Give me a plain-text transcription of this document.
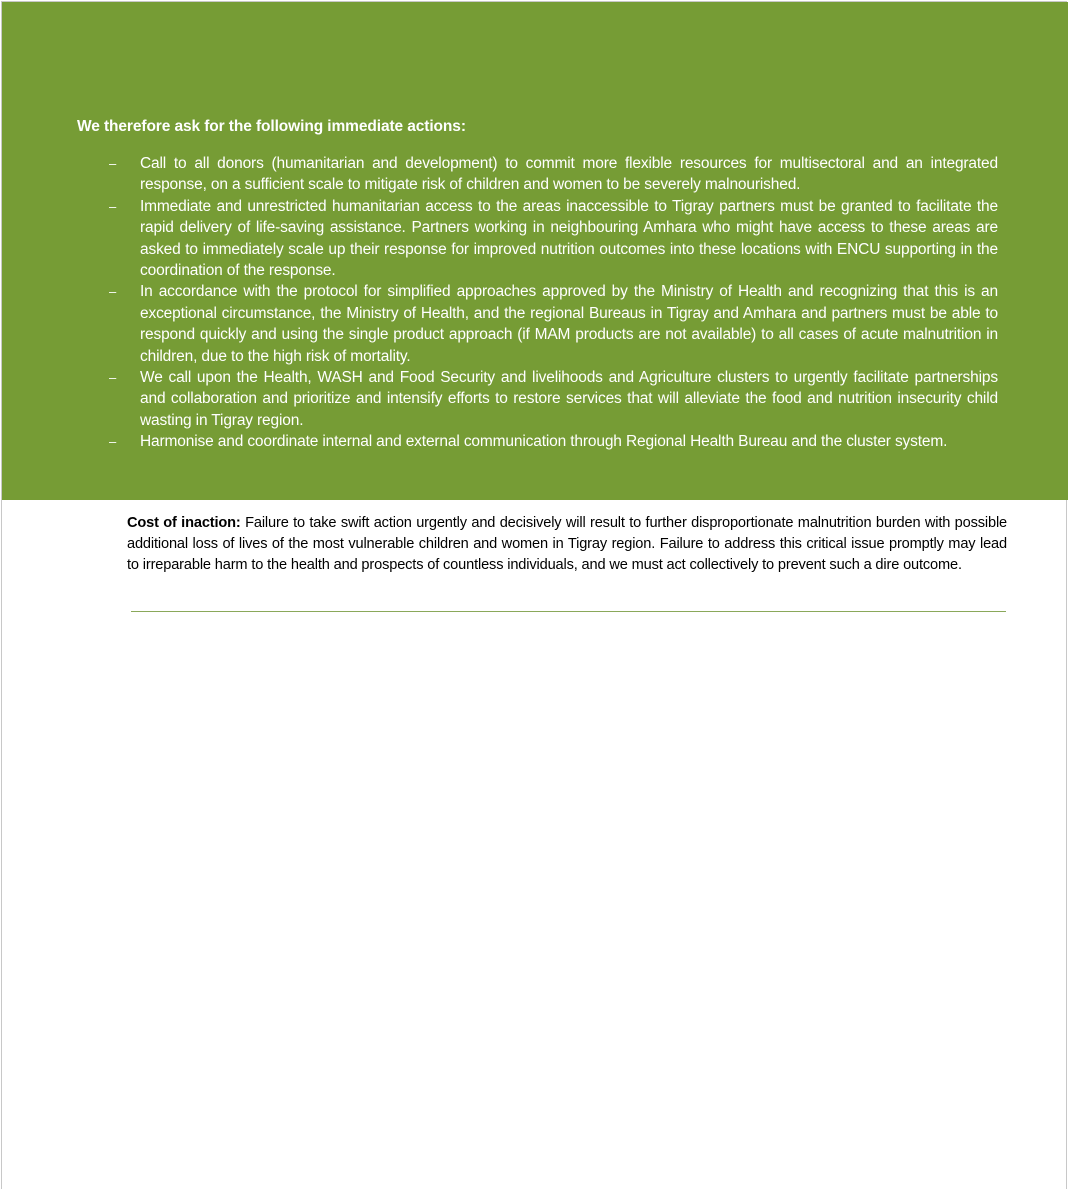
We therefore ask for the following immediate actions:

– Call to all donors (humanitarian and development) to commit more flexible resources for multisectoral and an integrated response, on a sufficient scale to mitigate risk of children and women to be severely malnourished.
– Immediate and unrestricted humanitarian access to the areas inaccessible to Tigray partners must be granted to facilitate the rapid delivery of life-saving assistance. Partners working in neighbouring Amhara who might have access to these areas are asked to immediately scale up their response for improved nutrition outcomes into these locations with ENCU supporting in the coordination of the response.
– In accordance with the protocol for simplified approaches approved by the Ministry of Health and recognizing that this is an exceptional circumstance, the Ministry of Health, and the regional Bureaus in Tigray and Amhara and partners must be able to respond quickly and using the single product approach (if MAM products are not available) to all cases of acute malnutrition in children, due to the high risk of mortality.
– We call upon the Health, WASH and Food Security and livelihoods and Agriculture clusters to urgently facilitate partnerships and collaboration and prioritize and intensify efforts to restore services that will alleviate the food and nutrition insecurity child wasting in Tigray region.
– Harmonise and coordinate internal and external communication through Regional Health Bureau and the cluster system.

Cost of inaction: Failure to take swift action urgently and decisively will result to further disproportionate malnutrition burden with possible additional loss of lives of the most vulnerable children and women in Tigray region. Failure to address this critical issue promptly may lead to irreparable harm to the health and prospects of countless individuals, and we must act collectively to prevent such a dire outcome.
